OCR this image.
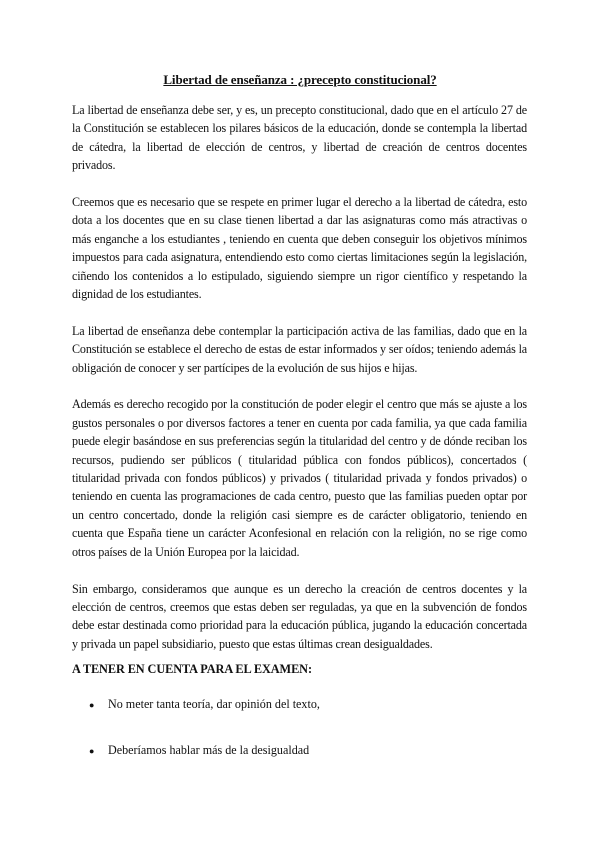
Libertad de enseñanza : ¿precepto constitucional?

La libertad de enseñanza debe ser, y es, un precepto constitucional, dado que en el artículo 27 de la Constitución se establecen los pilares básicos de la educación, donde se contempla la libertad de cátedra, la libertad de elección de centros, y libertad de creación de centros docentes privados.

Creemos que es necesario que se respete en primer lugar el derecho a la libertad de cátedra, esto dota a los docentes que en su clase tienen libertad a dar las asignaturas como más atractivas o más enganche a los estudiantes , teniendo en cuenta que deben conseguir los objetivos mínimos impuestos para cada asignatura, entendiendo esto como ciertas limitaciones según la legislación, ciñendo los contenidos a lo estipulado, siguiendo siempre un rigor científico y respetando la dignidad de los estudiantes.

La libertad de enseñanza debe contemplar la participación activa de las familias, dado que en la Constitución se establece el derecho de estas de estar informados y ser oídos; teniendo además la obligación de conocer y ser partícipes de la evolución de sus hijos e hijas.

Además es derecho recogido por la constitución de poder elegir el centro que más se ajuste a los gustos personales o por diversos factores a tener en cuenta por cada familia, ya que cada familia puede elegir basándose en sus preferencias según la titularidad del centro y de dónde reciban los recursos, pudiendo ser públicos ( titularidad pública con fondos públicos), concertados ( titularidad privada con fondos públicos) y privados ( titularidad privada y fondos privados) o teniendo en cuenta las programaciones de cada centro, puesto que las familias pueden optar por un centro concertado, donde la religión casi siempre es de carácter obligatorio, teniendo en cuenta que España tiene un carácter Aconfesional en relación con la religión, no se rige como otros países de la Unión Europea por la laicidad.

Sin embargo, consideramos que aunque es un derecho la creación de centros docentes y la elección de centros, creemos que estas deben ser reguladas, ya que en la subvención de fondos debe estar destinada como prioridad para la educación pública, jugando la educación concertada y privada un papel subsidiario, puesto que estas últimas crean desigualdades.

A TENER EN CUENTA PARA EL EXAMEN:
●	No meter tanta teoría, dar opinión del texto,
●	Deberíamos hablar más de la desigualdad
